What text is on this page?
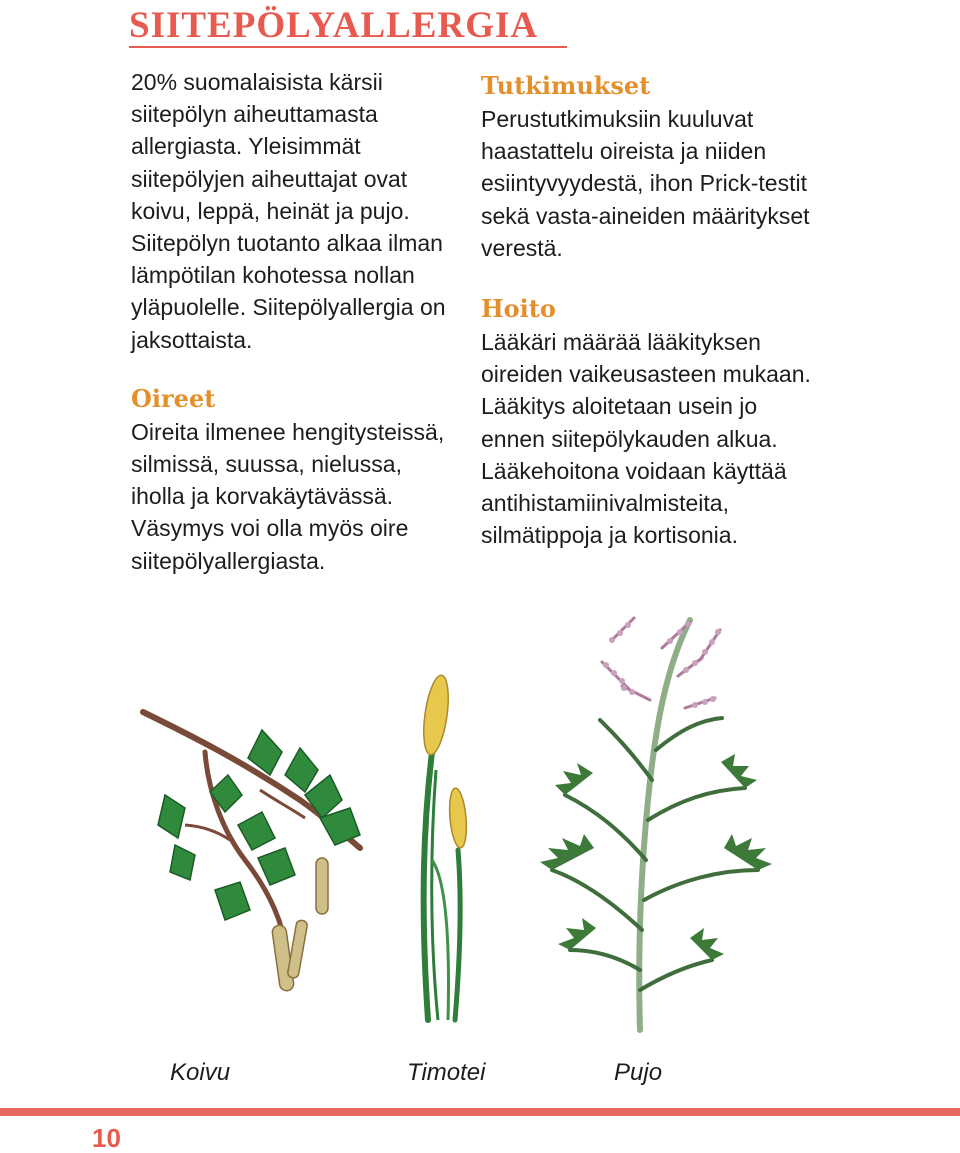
SIITEPÖLYALLERGIA

20% suomalaisista kärsii siitepölyn aiheuttamasta allergiasta. Yleisimmät siitepölyjen aiheuttajat ovat koivu, leppä, heinät ja pujo. Siitepölyn tuotanto alkaa ilman lämpötilan kohotessa nollan yläpuolelle. Siitepölyallergia on jaksottaista.

Oireet

Oireita ilmenee hengitysteissä, silmissä, suussa, nielussa, iholla ja korvakäytävässä. Väsymys voi olla myös oire siitepölyallergiasta.

Tutkimukset

Perustutkimuksiin kuuluvat haastattelu oireista ja niiden esiintyvyydestä, ihon Prick-testit sekä vasta-aineiden määritykset verestä.

Hoito

Lääkäri määrää lääkityksen oireiden vaikeusasteen mukaan. Lääkitys aloitetaan usein jo ennen siitepölykauden alkua. Lääkehoitona voidaan käyttää antihistamiinivalmisteita, silmätippoja ja kortisonia.

Koivu	Timotei	Pujo
10
